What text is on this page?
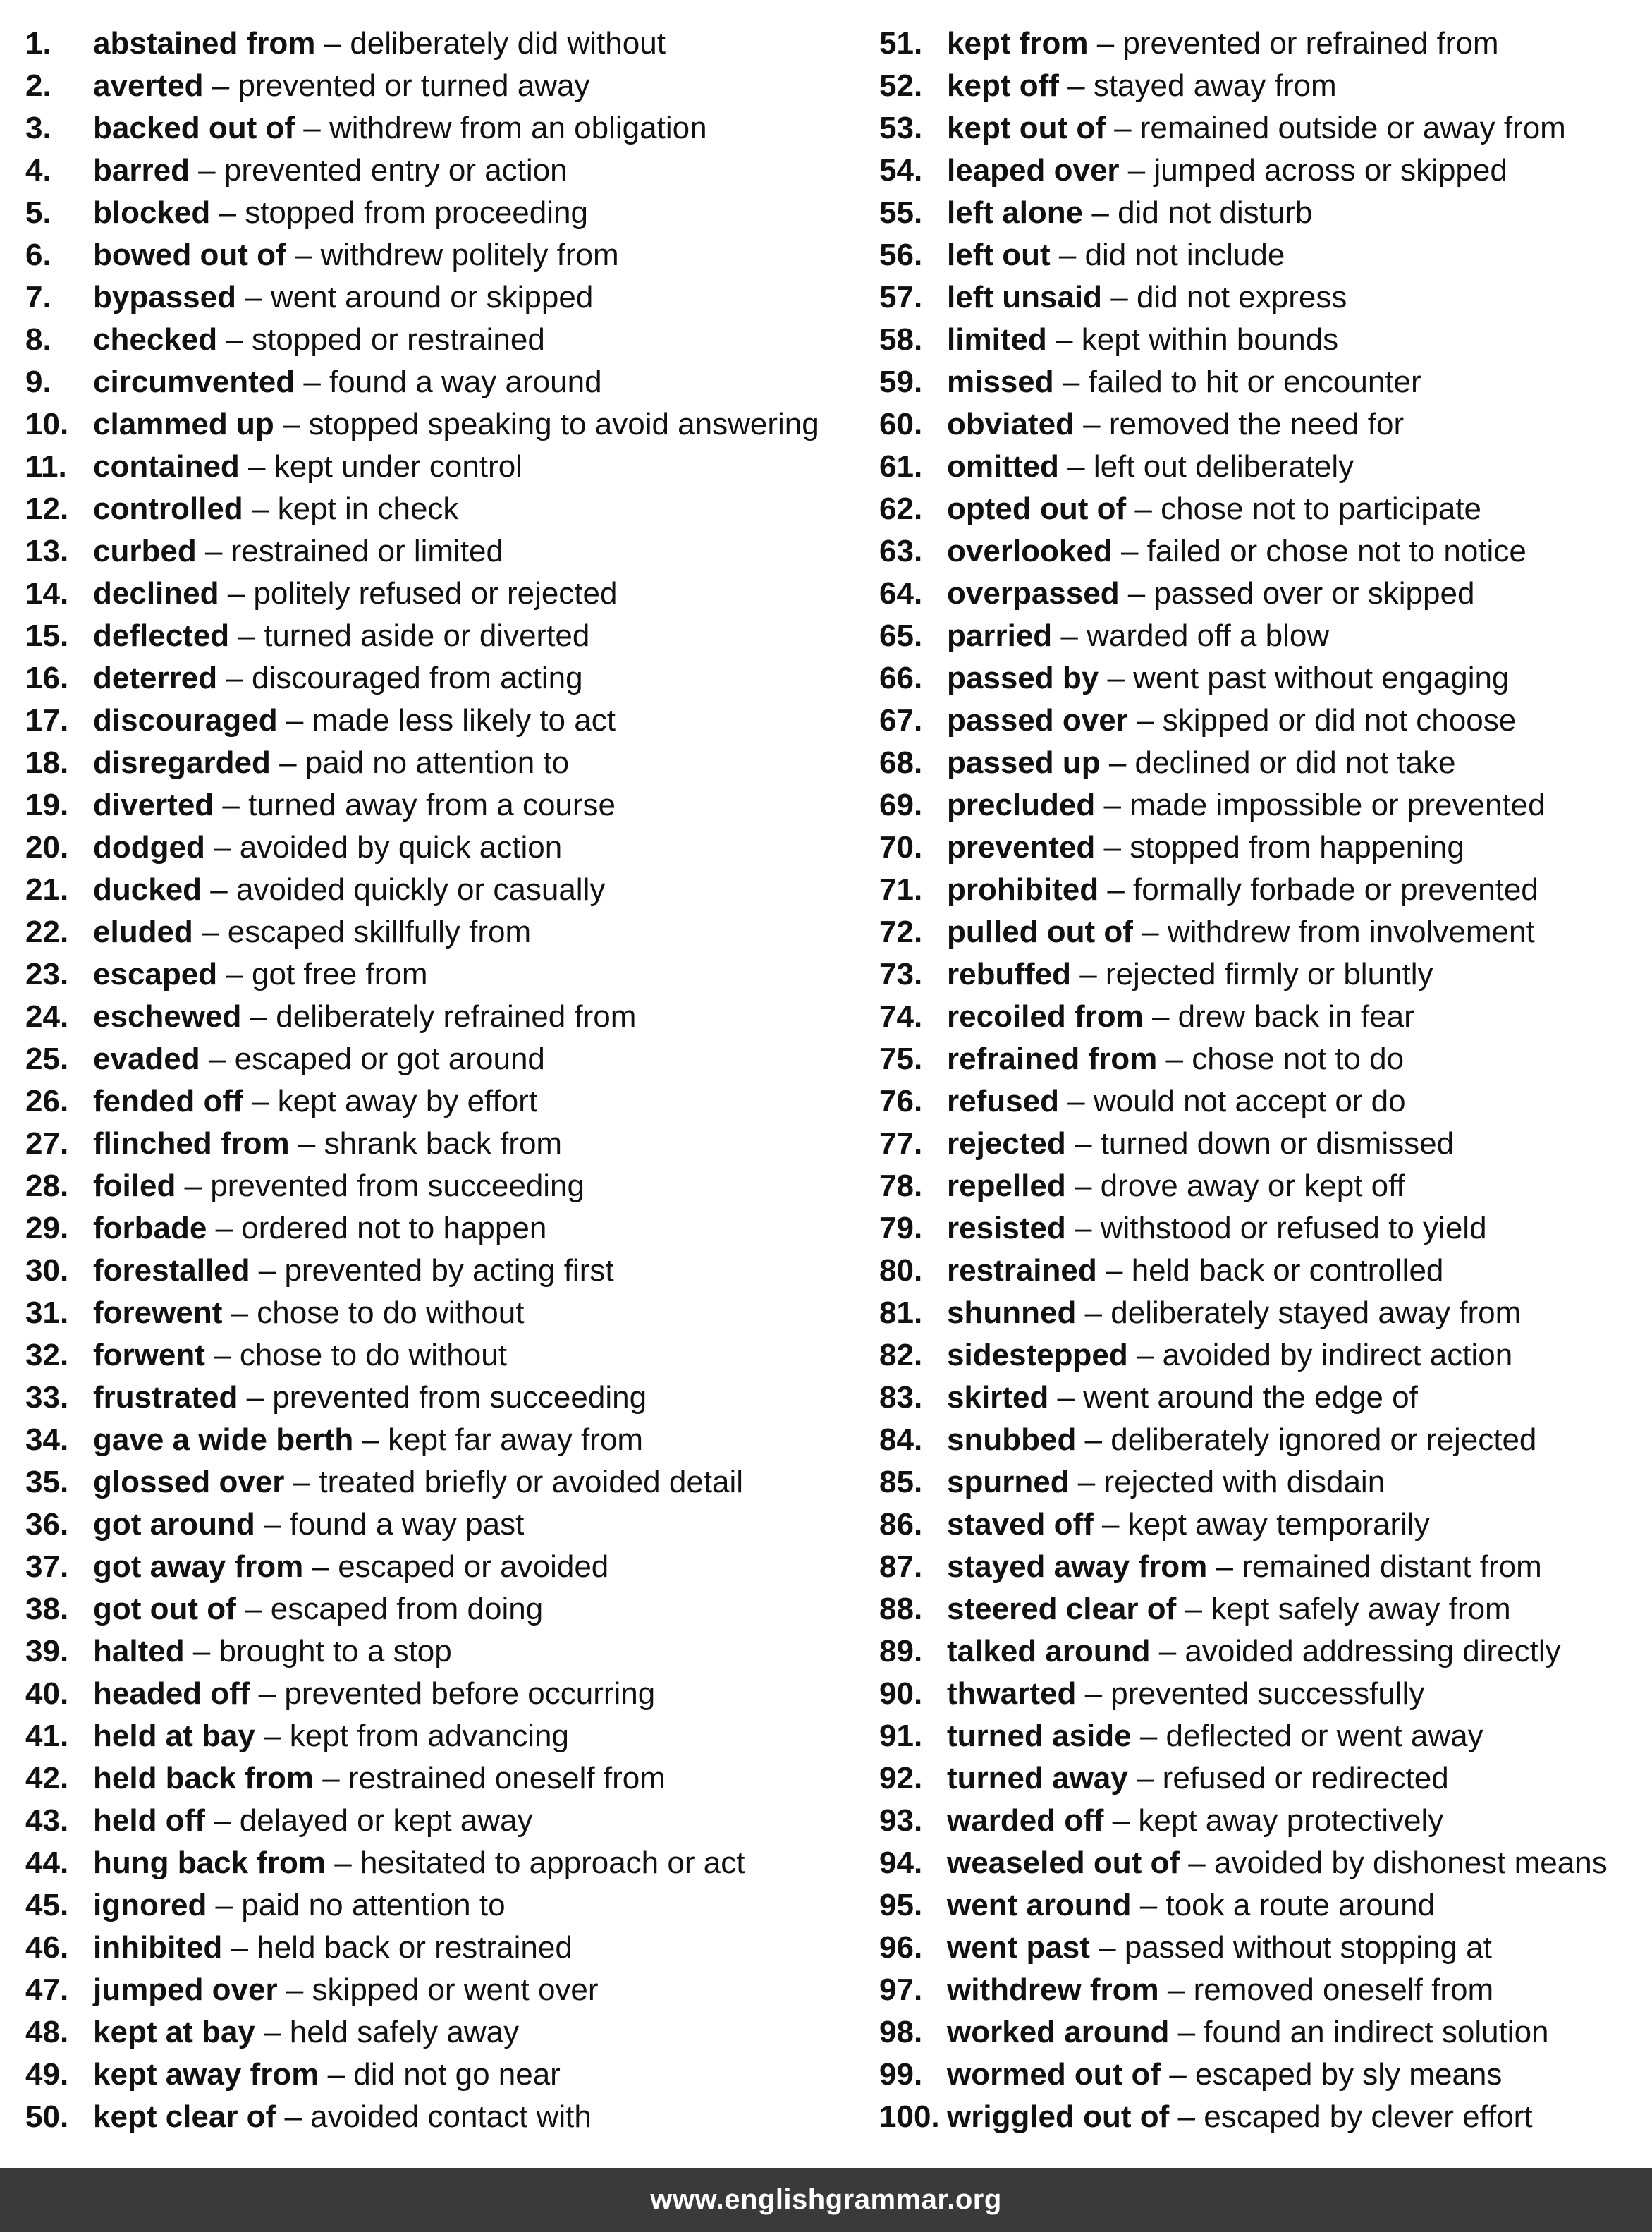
1. abstained from – deliberately did without
2. averted – prevented or turned away
3. backed out of – withdrew from an obligation
4. barred – prevented entry or action
5. blocked – stopped from proceeding
6. bowed out of – withdrew politely from
7. bypassed – went around or skipped
8. checked – stopped or restrained
9. circumvented – found a way around
10. clammed up – stopped speaking to avoid answering
11. contained – kept under control
12. controlled – kept in check
13. curbed – restrained or limited
14. declined – politely refused or rejected
15. deflected – turned aside or diverted
16. deterred – discouraged from acting
17. discouraged – made less likely to act
18. disregarded – paid no attention to
19. diverted – turned away from a course
20. dodged – avoided by quick action
21. ducked – avoided quickly or casually
22. eluded – escaped skillfully from
23. escaped – got free from
24. eschewed – deliberately refrained from
25. evaded – escaped or got around
26. fended off – kept away by effort
27. flinched from – shrank back from
28. foiled – prevented from succeeding
29. forbade – ordered not to happen
30. forestalled – prevented by acting first
31. forewent – chose to do without
32. forwent – chose to do without
33. frustrated – prevented from succeeding
34. gave a wide berth – kept far away from
35. glossed over – treated briefly or avoided detail
36. got around – found a way past
37. got away from – escaped or avoided
38. got out of – escaped from doing
39. halted – brought to a stop
40. headed off – prevented before occurring
41. held at bay – kept from advancing
42. held back from – restrained oneself from
43. held off – delayed or kept away
44. hung back from – hesitated to approach or act
45. ignored – paid no attention to
46. inhibited – held back or restrained
47. jumped over – skipped or went over
48. kept at bay – held safely away
49. kept away from – did not go near
50. kept clear of – avoided contact with
51. kept from – prevented or refrained from
52. kept off – stayed away from
53. kept out of – remained outside or away from
54. leaped over – jumped across or skipped
55. left alone – did not disturb
56. left out – did not include
57. left unsaid – did not express
58. limited – kept within bounds
59. missed – failed to hit or encounter
60. obviated – removed the need for
61. omitted – left out deliberately
62. opted out of – chose not to participate
63. overlooked – failed or chose not to notice
64. overpassed – passed over or skipped
65. parried – warded off a blow
66. passed by – went past without engaging
67. passed over – skipped or did not choose
68. passed up – declined or did not take
69. precluded – made impossible or prevented
70. prevented – stopped from happening
71. prohibited – formally forbade or prevented
72. pulled out of – withdrew from involvement
73. rebuffed – rejected firmly or bluntly
74. recoiled from – drew back in fear
75. refrained from – chose not to do
76. refused – would not accept or do
77. rejected – turned down or dismissed
78. repelled – drove away or kept off
79. resisted – withstood or refused to yield
80. restrained – held back or controlled
81. shunned – deliberately stayed away from
82. sidestepped – avoided by indirect action
83. skirted – went around the edge of
84. snubbed – deliberately ignored or rejected
85. spurned – rejected with disdain
86. staved off – kept away temporarily
87. stayed away from – remained distant from
88. steered clear of – kept safely away from
89. talked around – avoided addressing directly
90. thwarted – prevented successfully
91. turned aside – deflected or went away
92. turned away – refused or redirected
93. warded off – kept away protectively
94. weaseled out of – avoided by dishonest means
95. went around – took a route around
96. went past – passed without stopping at
97. withdrew from – removed oneself from
98. worked around – found an indirect solution
99. wormed out of – escaped by sly means
100. wriggled out of – escaped by clever effort
www.englishgrammar.org
